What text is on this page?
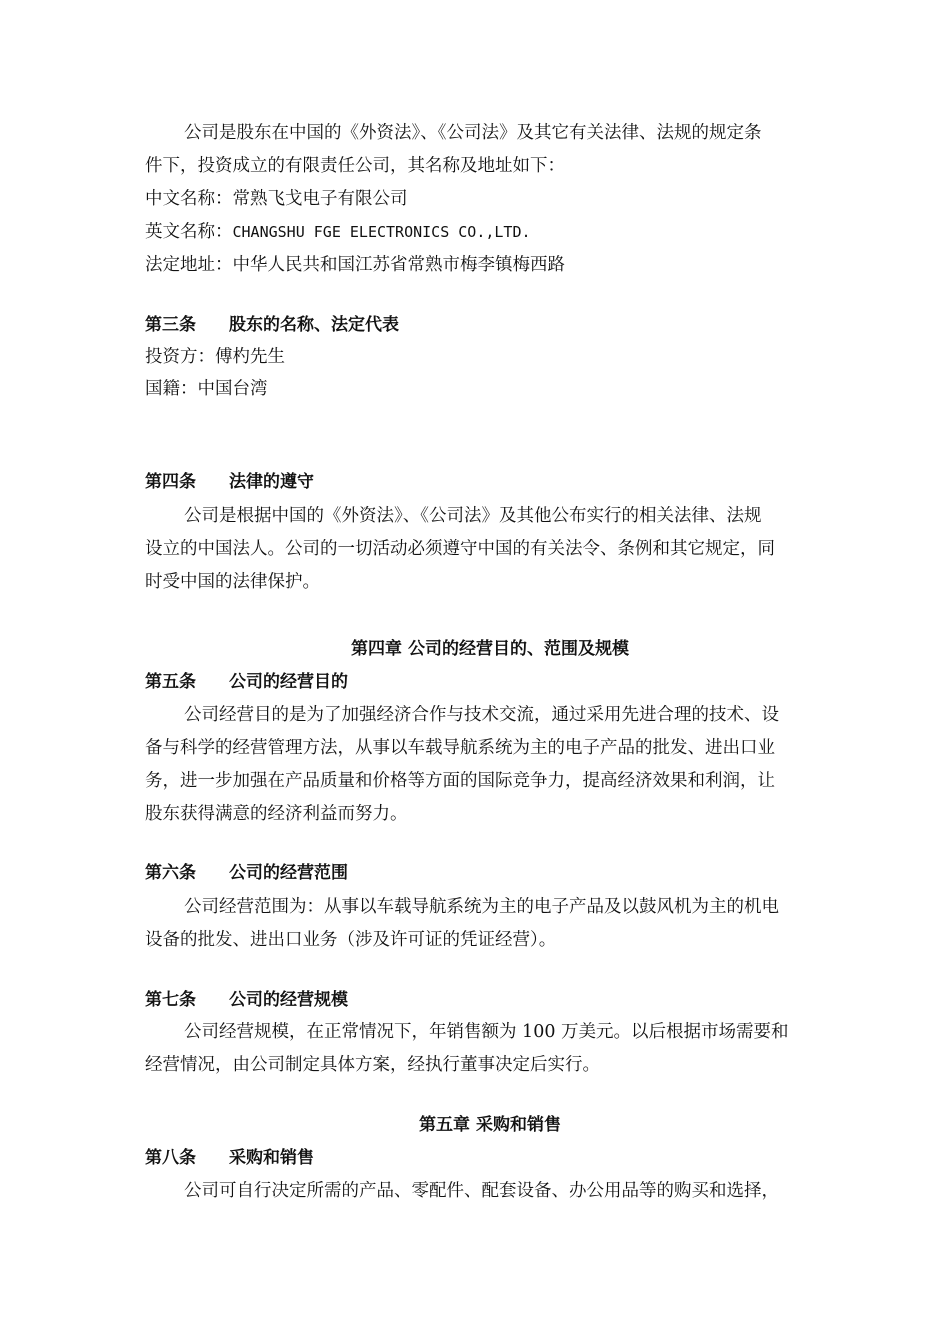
公司是股东在中国的《外资法》、《公司法》及其它有关法律、法规的规定条
件下，投资成立的有限责任公司，其名称及地址如下：
中文名称：常熟飞戈电子有限公司
英文名称：CHANGSHU FGE ELECTRONICS CO.,LTD.
法定地址：中华人民共和国江苏省常熟市梅李镇梅西路
第三条 股东的名称、法定代表
投资方：傅杓先生
国籍：中国台湾
第四条 法律的遵守
公司是根据中国的《外资法》、《公司法》及其他公布实行的相关法律、法规
设立的中国法人。公司的一切活动必须遵守中国的有关法令、条例和其它规定，同
时受中国的法律保护。
第四章 公司的经营目的、范围及规模
第五条 公司的经营目的
公司经营目的是为了加强经济合作与技术交流，通过采用先进合理的技术、设
备与科学的经营管理方法，从事以车载导航系统为主的电子产品的批发、进出口业
务，进一步加强在产品质量和价格等方面的国际竞争力，提高经济效果和利润，让
股东获得满意的经济利益而努力。
第六条 公司的经营范围
公司经营范围为：从事以车载导航系统为主的电子产品及以鼓风机为主的机电
设备的批发、进出口业务（涉及许可证的凭证经营）。
第七条 公司的经营规模
公司经营规模，在正常情况下，年销售额为 100 万美元。以后根据市场需要和
经营情况，由公司制定具体方案，经执行董事决定后实行。
第五章 采购和销售
第八条 采购和销售
公司可自行决定所需的产品、零配件、配套设备、办公用品等的购买和选择，
